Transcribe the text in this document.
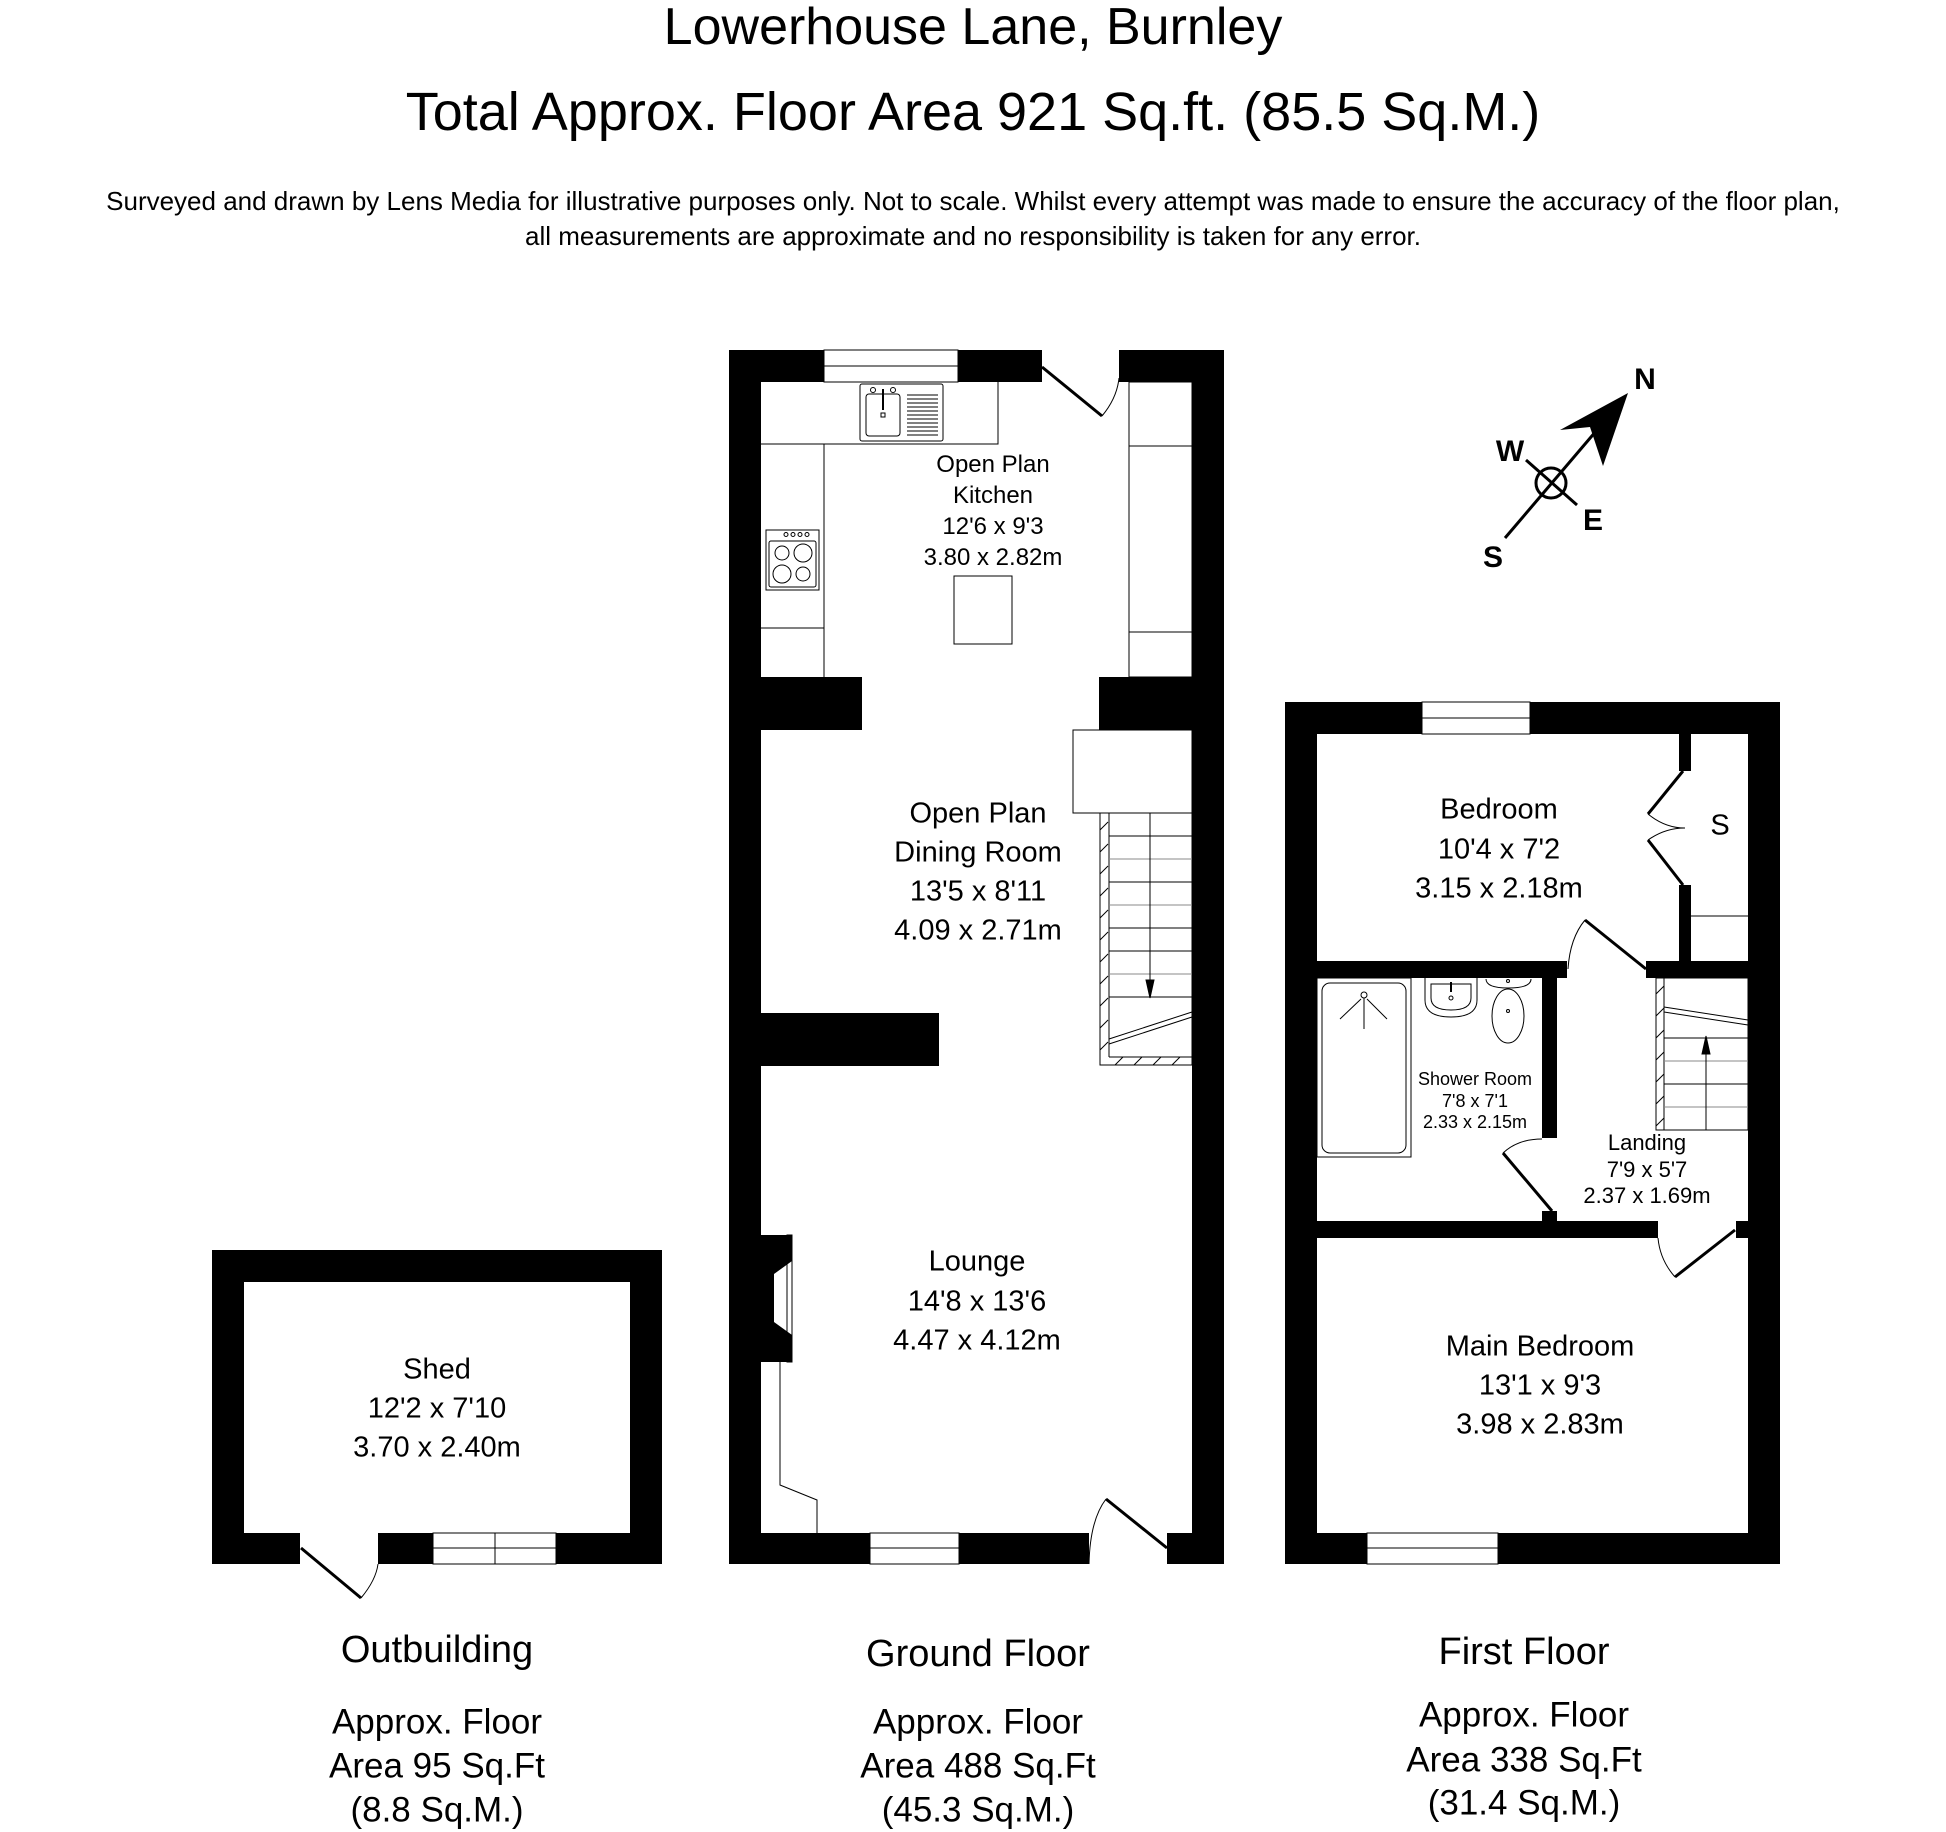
Lowerhouse Lane, Burnley
Total Approx. Floor Area 921 Sq.ft. (85.5 Sq.M.)
Surveyed and drawn by Lens Media for illustrative purposes only. Not to scale. Whilst every attempt was made to ensure the accuracy of the floor plan,
all measurements are approximate and no responsibility is taken for any error.
N
W
E
S
Shed
12'2 x 7'10
3.70 x 2.40m
Open Plan
Kitchen
12'6 x 9'3
3.80 x 2.82m
Open Plan
Dining Room
13'5 x 8'11
4.09 x 2.71m
Lounge
14'8 x 13'6
4.47 x 4.12m
Bedroom
10'4 x 7'2
3.15 x 2.18m
S
Shower Room
7'8 x 7'1
2.33 x 2.15m
Landing
7'9 x 5'7
2.37 x 1.69m
Main Bedroom
13'1 x 9'3
3.98 x 2.83m
Outbuilding
Approx. Floor
Area 95 Sq.Ft
(8.8 Sq.M.)
Ground Floor
Approx. Floor
Area 488 Sq.Ft
(45.3 Sq.M.)
First Floor
Approx. Floor
Area 338 Sq.Ft
(31.4 Sq.M.)
